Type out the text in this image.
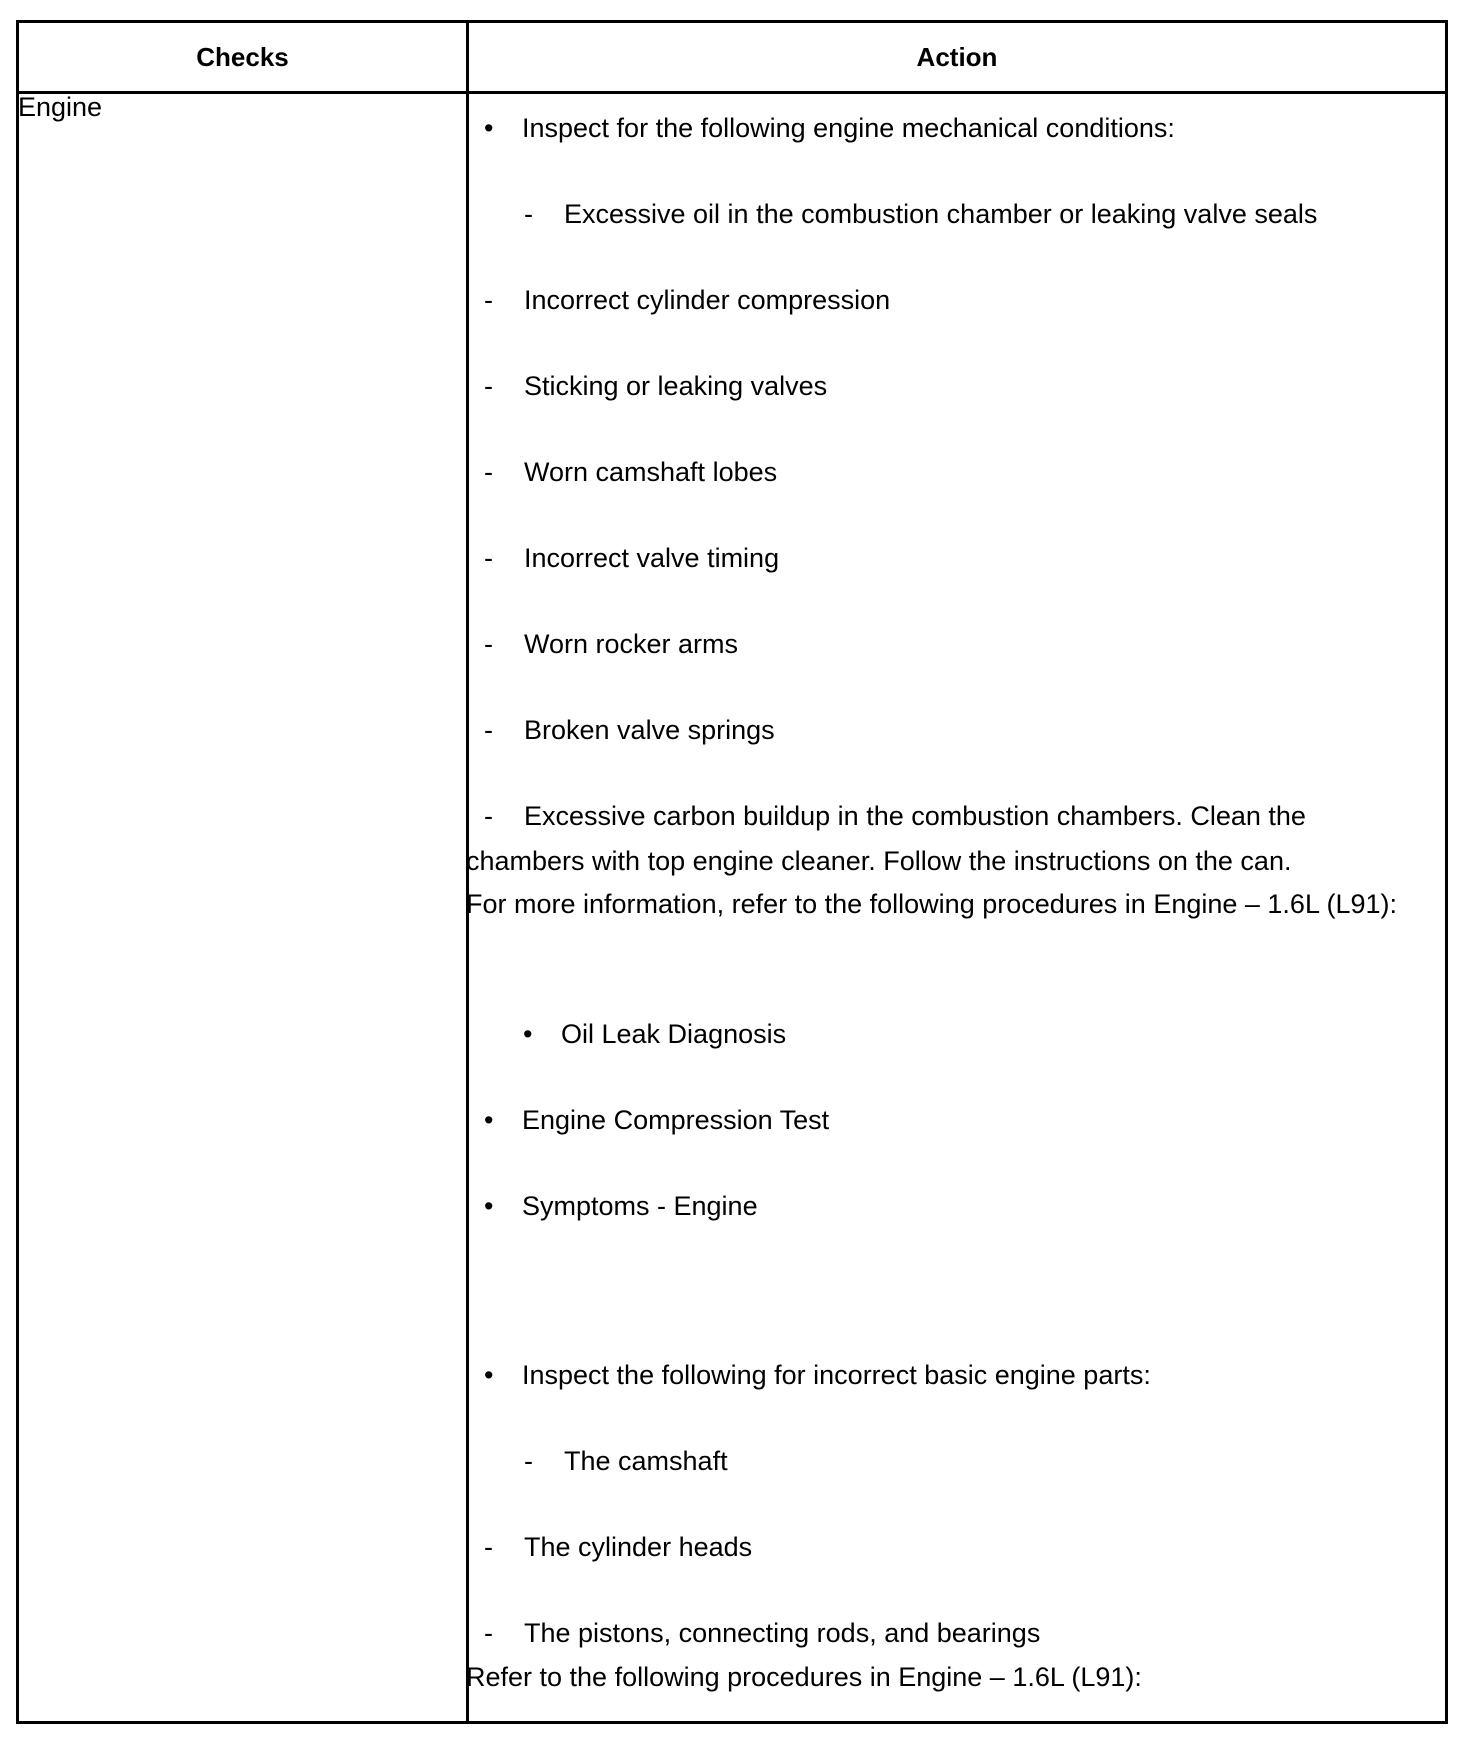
Checks	Action
Engine
• Inspect for the following engine mechanical conditions:
- Excessive oil in the combustion chamber or leaking valve seals
- Incorrect cylinder compression
- Sticking or leaking valves
- Worn camshaft lobes
- Incorrect valve timing
- Worn rocker arms
- Broken valve springs
- Excessive carbon buildup in the combustion chambers. Clean the
chambers with top engine cleaner. Follow the instructions on the can.
For more information, refer to the following procedures in Engine – 1.6L (L91):
• Oil Leak Diagnosis
• Engine Compression Test
• Symptoms - Engine
• Inspect the following for incorrect basic engine parts:
- The camshaft
- The cylinder heads
- The pistons, connecting rods, and bearings
Refer to the following procedures in Engine – 1.6L (L91):
